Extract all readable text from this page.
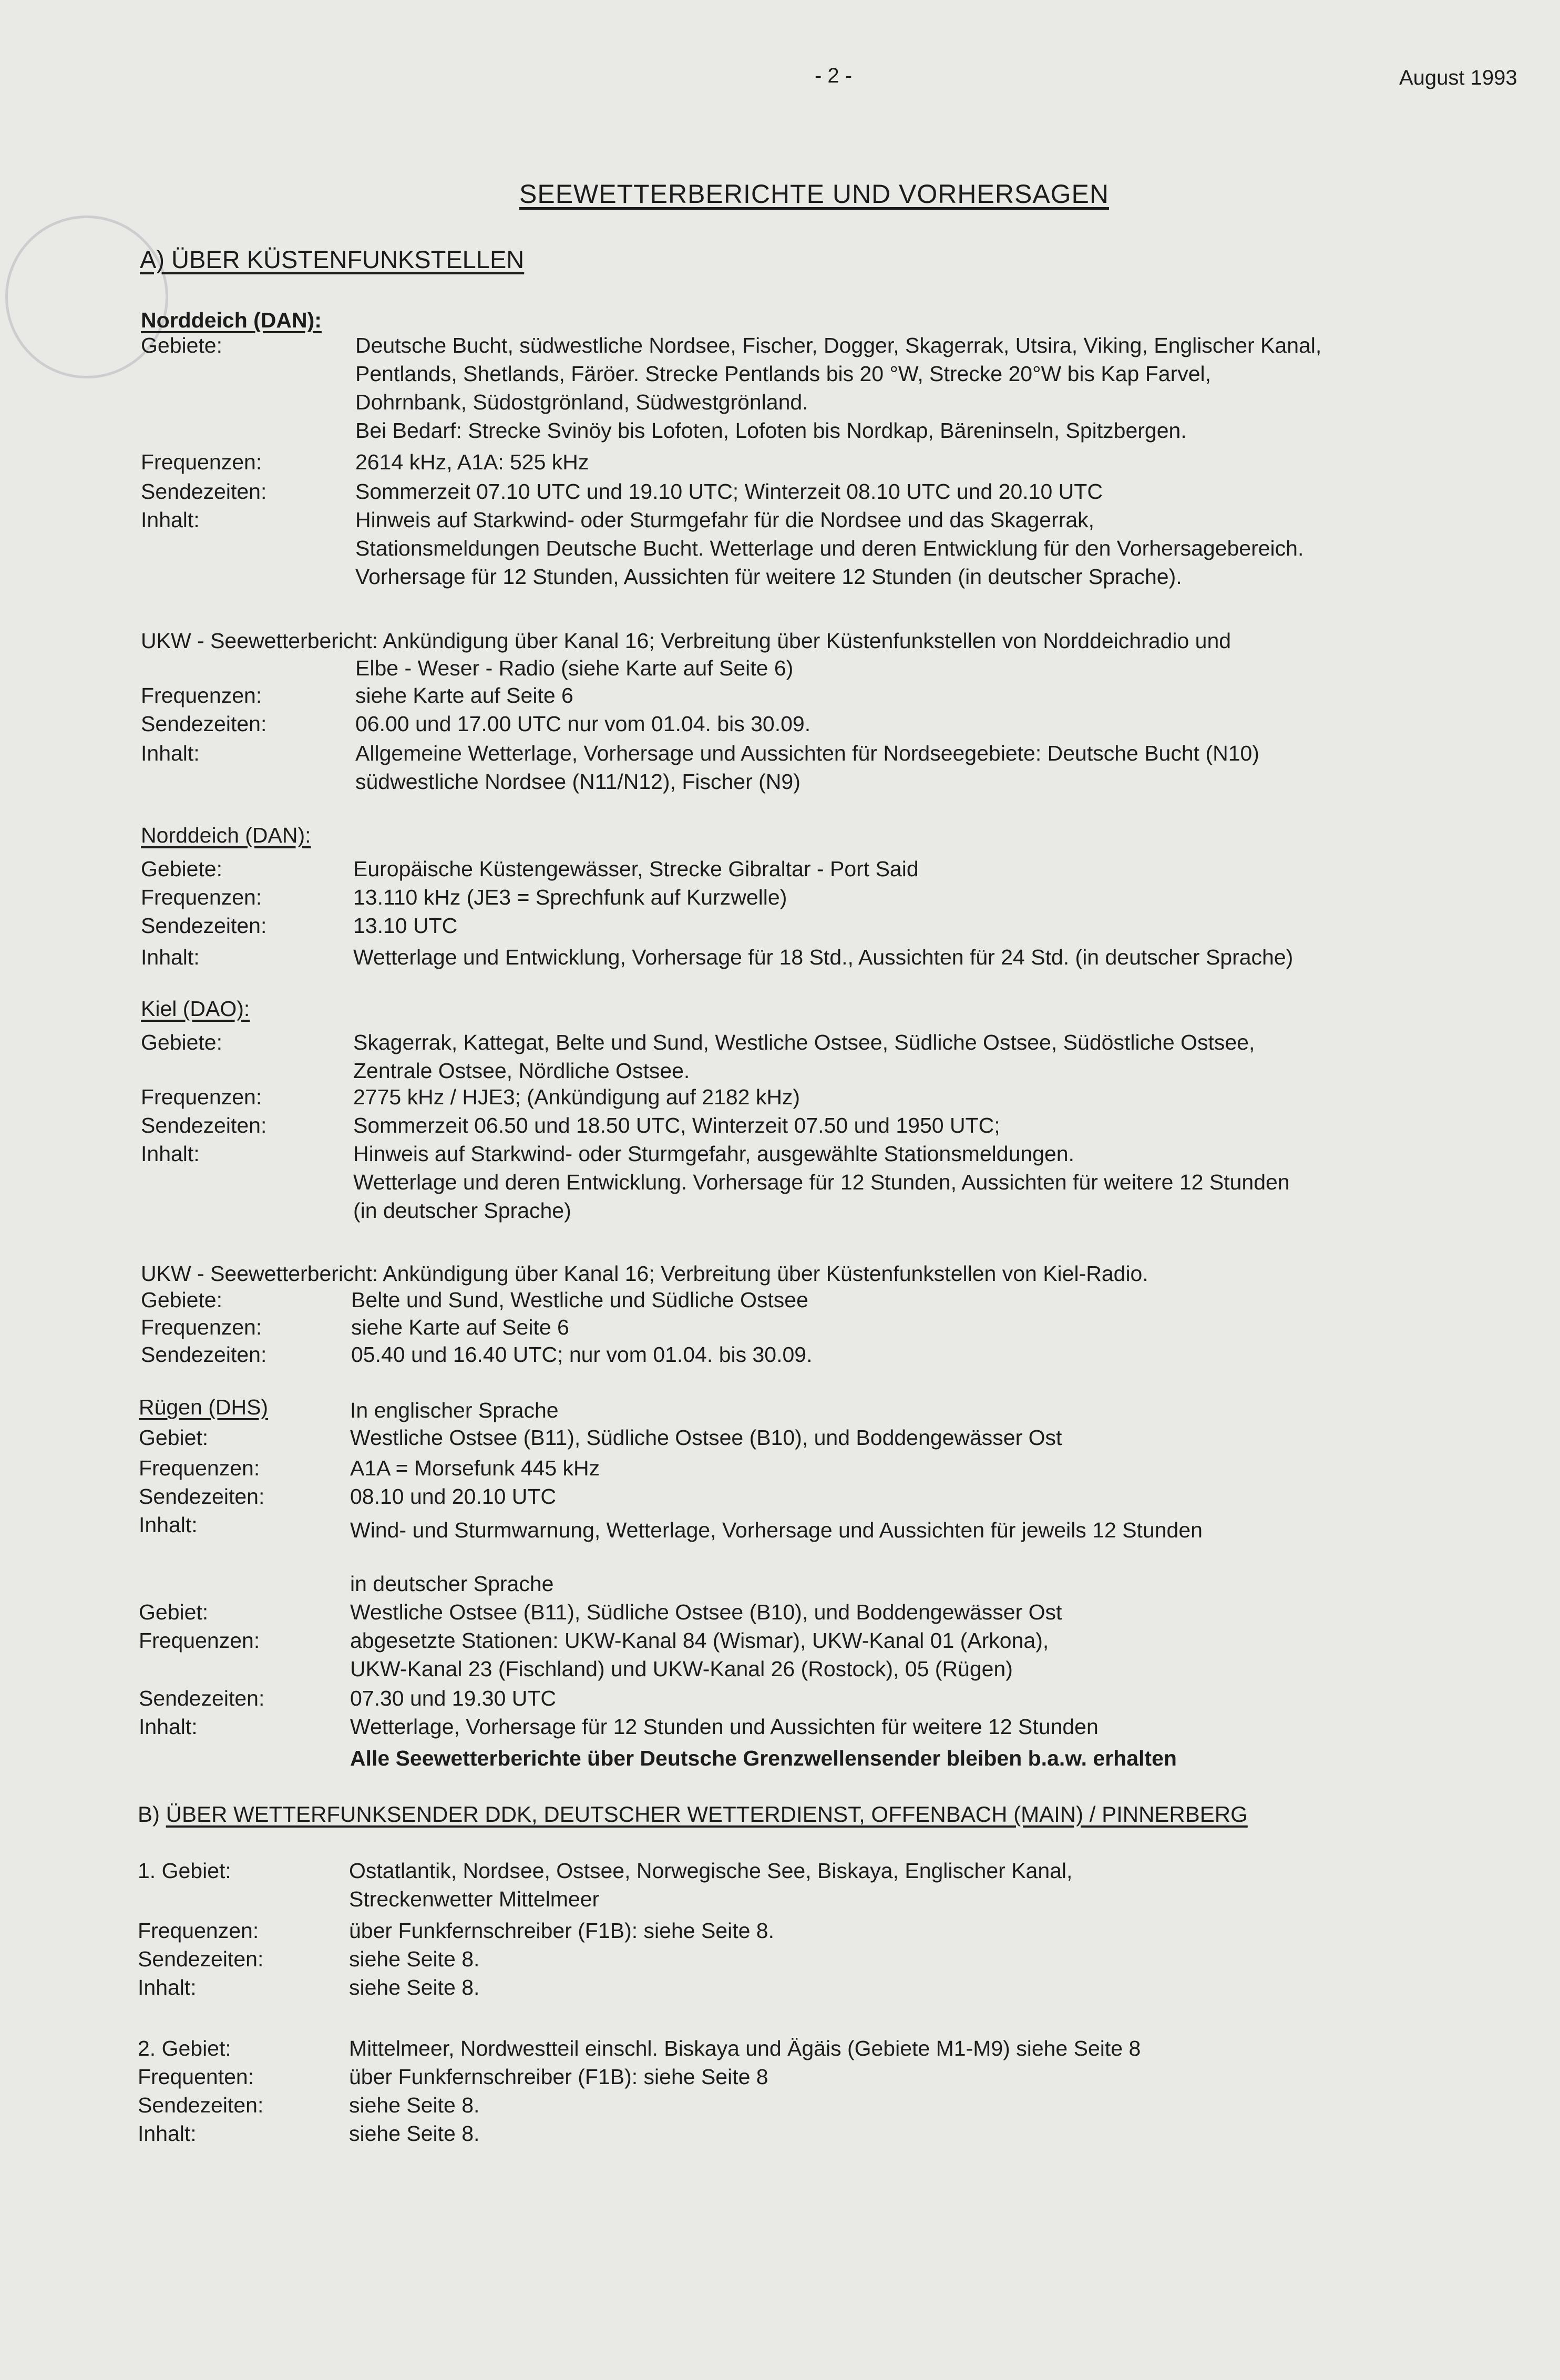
- 2 -	August 1993
SEEWETTERBERICHTE UND VORHERSAGEN
A) ÜBER KÜSTENFUNKSTELLEN
Norddeich (DAN):
Gebiete:	Deutsche Bucht, südwestliche Nordsee, Fischer, Dogger, Skagerrak, Utsira, Viking, Englischer Kanal,
Pentlands, Shetlands, Färöer. Strecke Pentlands bis 20 °W, Strecke 20°W bis Kap Farvel,
Dohrnbank, Südostgrönland, Südwestgrönland.
Bei Bedarf: Strecke Svinöy bis Lofoten, Lofoten bis Nordkap, Bäreninseln, Spitzbergen.
Frequenzen:	2614 kHz, A1A: 525 kHz
Sendezeiten:	Sommerzeit 07.10 UTC und 19.10 UTC; Winterzeit 08.10 UTC und 20.10 UTC
Inhalt:	Hinweis auf Starkwind- oder Sturmgefahr für die Nordsee und das Skagerrak,
Stationsmeldungen Deutsche Bucht. Wetterlage und deren Entwicklung für den Vorhersagebereich.
Vorhersage für 12 Stunden, Aussichten für weitere 12 Stunden (in deutscher Sprache).
UKW - Seewetterbericht: Ankündigung über Kanal 16; Verbreitung über Küstenfunkstellen von Norddeichradio und
Elbe - Weser - Radio (siehe Karte auf Seite 6)
Frequenzen:	siehe Karte auf Seite 6
Sendezeiten:	06.00 und 17.00 UTC nur vom 01.04. bis 30.09.
Inhalt:	Allgemeine Wetterlage, Vorhersage und Aussichten für Nordseegebiete: Deutsche Bucht (N10)
südwestliche Nordsee (N11/N12), Fischer (N9)
Norddeich (DAN):
Gebiete:	Europäische Küstengewässer, Strecke Gibraltar - Port Said
Frequenzen:	13.110 kHz (JE3 = Sprechfunk auf Kurzwelle)
Sendezeiten:	13.10 UTC
Inhalt:	Wetterlage und Entwicklung, Vorhersage für 18 Std., Aussichten für 24 Std. (in deutscher Sprache)
Kiel (DAO):
Gebiete:	Skagerrak, Kattegat, Belte und Sund, Westliche Ostsee, Südliche Ostsee, Südöstliche Ostsee,
Zentrale Ostsee, Nördliche Ostsee.
Frequenzen:	2775 kHz / HJE3; (Ankündigung auf 2182 kHz)
Sendezeiten:	Sommerzeit 06.50 und 18.50 UTC, Winterzeit 07.50 und 1950 UTC;
Inhalt:	Hinweis auf Starkwind- oder Sturmgefahr, ausgewählte Stationsmeldungen.
Wetterlage und deren Entwicklung. Vorhersage für 12 Stunden, Aussichten für weitere 12 Stunden
(in deutscher Sprache)
UKW - Seewetterbericht: Ankündigung über Kanal 16; Verbreitung über Küstenfunkstellen von Kiel-Radio.
Gebiete:	Belte und Sund, Westliche und Südliche Ostsee
Frequenzen:	siehe Karte auf Seite 6
Sendezeiten:	05.40 und 16.40 UTC; nur vom 01.04. bis 30.09.
Rügen (DHS)	In englischer Sprache
Gebiet:	Westliche Ostsee (B11), Südliche Ostsee (B10), und Boddengewässer Ost
Frequenzen:	A1A = Morsefunk 445 kHz
Sendezeiten:	08.10 und 20.10 UTC
Inhalt:	Wind- und Sturmwarnung, Wetterlage, Vorhersage und Aussichten für jeweils 12 Stunden
in deutscher Sprache
Gebiet:	Westliche Ostsee (B11), Südliche Ostsee (B10), und Boddengewässer Ost
Frequenzen:	abgesetzte Stationen: UKW-Kanal 84 (Wismar), UKW-Kanal 01 (Arkona),
UKW-Kanal 23 (Fischland) und UKW-Kanal 26 (Rostock), 05 (Rügen)
Sendezeiten:	07.30 und 19.30 UTC
Inhalt:	Wetterlage, Vorhersage für 12 Stunden und Aussichten für weitere 12 Stunden
Alle Seewetterberichte über Deutsche Grenzwellensender bleiben b.a.w. erhalten
B) ÜBER WETTERFUNKSENDER DDK, DEUTSCHER WETTERDIENST, OFFENBACH (MAIN) / PINNERBERG
1. Gebiet:	Ostatlantik, Nordsee, Ostsee, Norwegische See, Biskaya, Englischer Kanal,
Streckenwetter Mittelmeer
Frequenzen:	über Funkfernschreiber (F1B): siehe Seite 8.
Sendezeiten:	siehe Seite 8.
Inhalt:	siehe Seite 8.
2. Gebiet:	Mittelmeer, Nordwestteil einschl. Biskaya und Ägäis (Gebiete M1-M9) siehe Seite 8
Frequenten:	über Funkfernschreiber (F1B): siehe Seite 8
Sendezeiten:	siehe Seite 8.
Inhalt:	siehe Seite 8.
